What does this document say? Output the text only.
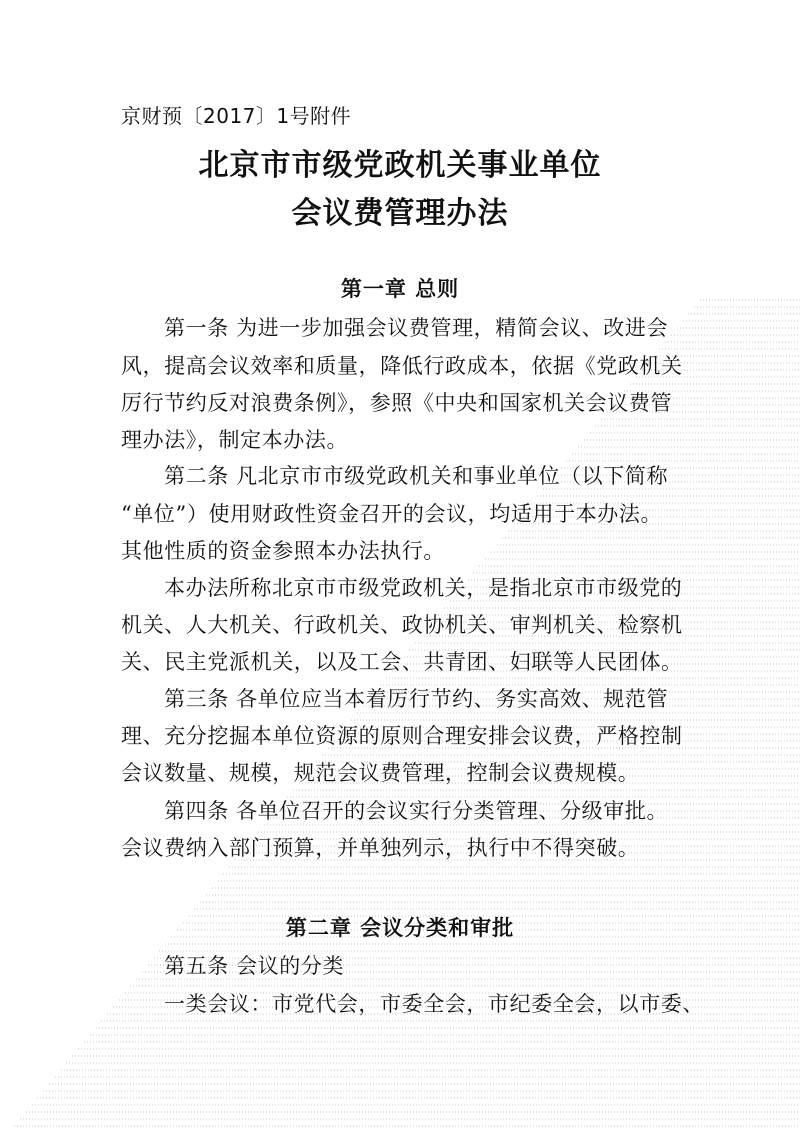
京财预〔2017〕1号附件
北京市市级党政机关事业单位
会议费管理办法
第一章 总则
第一条 为进一步加强会议费管理，精简会议、改进会
风，提高会议效率和质量，降低行政成本，依据《党政机关
厉行节约反对浪费条例》，参照《中央和国家机关会议费管
理办法》，制定本办法。
第二条 凡北京市市级党政机关和事业单位（以下简称
“单位”）使用财政性资金召开的会议，均适用于本办法。
其他性质的资金参照本办法执行。
本办法所称北京市市级党政机关，是指北京市市级党的
机关、人大机关、行政机关、政协机关、审判机关、检察机
关、民主党派机关，以及工会、共青团、妇联等人民团体。
第三条 各单位应当本着厉行节约、务实高效、规范管
理、充分挖掘本单位资源的原则合理安排会议费，严格控制
会议数量、规模，规范会议费管理，控制会议费规模。
第四条 各单位召开的会议实行分类管理、分级审批。
会议费纳入部门预算，并单独列示，执行中不得突破。
第二章 会议分类和审批
第五条 会议的分类
一类会议：市党代会，市委全会，市纪委全会，以市委、
